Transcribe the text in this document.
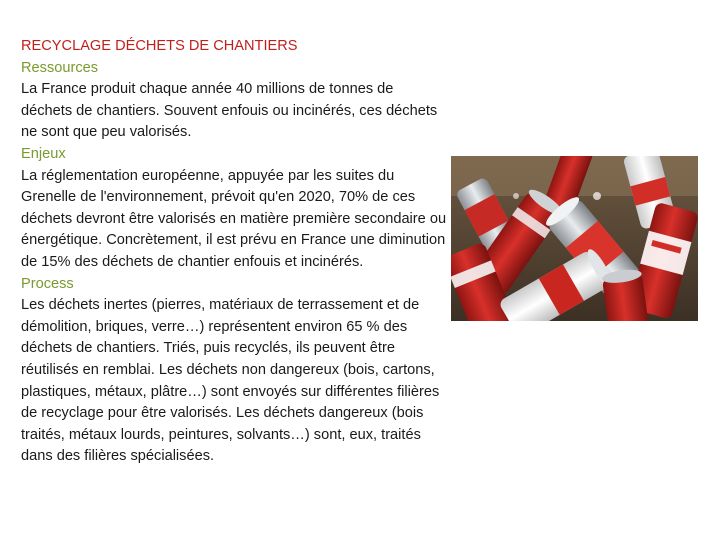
RECYCLAGE DÉCHETS DE CHANTIERS

Ressources

La France produit chaque année 40 millions de tonnes de déchets de chantiers. Souvent enfouis ou incinérés, ces déchets ne sont que peu valorisés.

Enjeux

La réglementation européenne, appuyée par les suites du Grenelle de l'environnement, prévoit qu'en 2020, 70% de ces déchets devront être valorisés en matière première secondaire ou énergétique. Concrètement, il est prévu en France une diminution de 15% des déchets de chantier enfouis et incinérés.

Process

Les déchets inertes (pierres, matériaux de terrassement et de démolition, briques, verre…) représentent environ 65 % des déchets de chantiers. Triés, puis recyclés, ils peuvent être réutilisés en remblai. Les déchets non dangereux (bois, cartons, plastiques, métaux, plâtre…) sont envoyés sur différentes filières de recyclage pour être valorisés. Les déchets dangereux (bois traités, métaux lourds, peintures, solvants…) sont, eux, traités dans des filières spécialisées.
